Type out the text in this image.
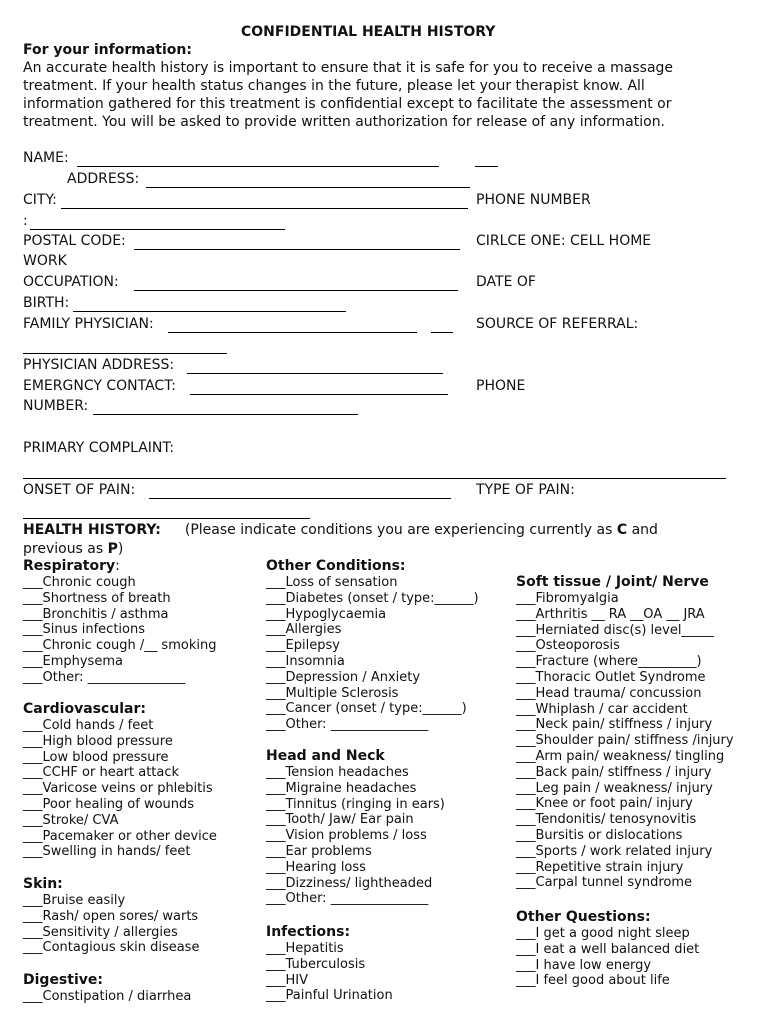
CONFIDENTIAL HEALTH HISTORY
For your information:
An accurate health history is important to ensure that it is safe for you to receive a massage
treatment. If your health status changes in the future, please let your therapist know. All
information gathered for this treatment is confidential except to facilitate the assessment or
treatment. You will be asked to provide written authorization for release of any information.
NAME:
ADDRESS:
CITY:	PHONE NUMBER
:
POSTAL CODE:	CIRLCE ONE: CELL HOME
WORK
OCCUPATION:	DATE OF
BIRTH:
FAMILY PHYSICIAN:	SOURCE OF REFERRAL:
PHYSICIAN ADDRESS:
EMERGNCY CONTACT:	PHONE
NUMBER:
PRIMARY COMPLAINT:
ONSET OF PAIN:	TYPE OF PAIN:
HEALTH HISTORY: (Please indicate conditions you are experiencing currently as C and
previous as P)
Respiratory:
___Chronic cough
___Shortness of breath
___Bronchitis / asthma
___Sinus infections
___Chronic cough /__ smoking
___Emphysema
___Other: _______________
Cardiovascular:
___Cold hands / feet
___High blood pressure
___Low blood pressure
___CCHF or heart attack
___Varicose veins or phlebitis
___Poor healing of wounds
___Stroke/ CVA
___Pacemaker or other device
___Swelling in hands/ feet
Skin:
___Bruise easily
___Rash/ open sores/ warts
___Sensitivity / allergies
___Contagious skin disease
Digestive:
___Constipation / diarrhea
Other Conditions:
___Loss of sensation
___Diabetes (onset / type:______)
___Hypoglycaemia
___Allergies
___Epilepsy
___Insomnia
___Depression / Anxiety
___Multiple Sclerosis
___Cancer (onset / type:______)
___Other: _______________
Head and Neck
___Tension headaches
___Migraine headaches
___Tinnitus (ringing in ears)
___Tooth/ Jaw/ Ear pain
___Vision problems / loss
___Ear problems
___Hearing loss
___Dizziness/ lightheaded
___Other: _______________
Infections:
___Hepatitis
___Tuberculosis
___HIV
___Painful Urination
Soft tissue / Joint/ Nerve
___Fibromyalgia
___Arthritis __ RA __OA __ JRA
___Herniated disc(s) level_____
___Osteoporosis
___Fracture (where_________)
___Thoracic Outlet Syndrome
___Head trauma/ concussion
___Whiplash / car accident
___Neck pain/ stiffness / injury
___Shoulder pain/ stiffness /injury
___Arm pain/ weakness/ tingling
___Back pain/ stiffness / injury
___Leg pain / weakness/ injury
___Knee or foot pain/ injury
___Tendonitis/ tenosynovitis
___Bursitis or dislocations
___Sports / work related injury
___Repetitive strain injury
___Carpal tunnel syndrome
Other Questions:
___I get a good night sleep
___I eat a well balanced diet
___I have low energy
___I feel good about life
